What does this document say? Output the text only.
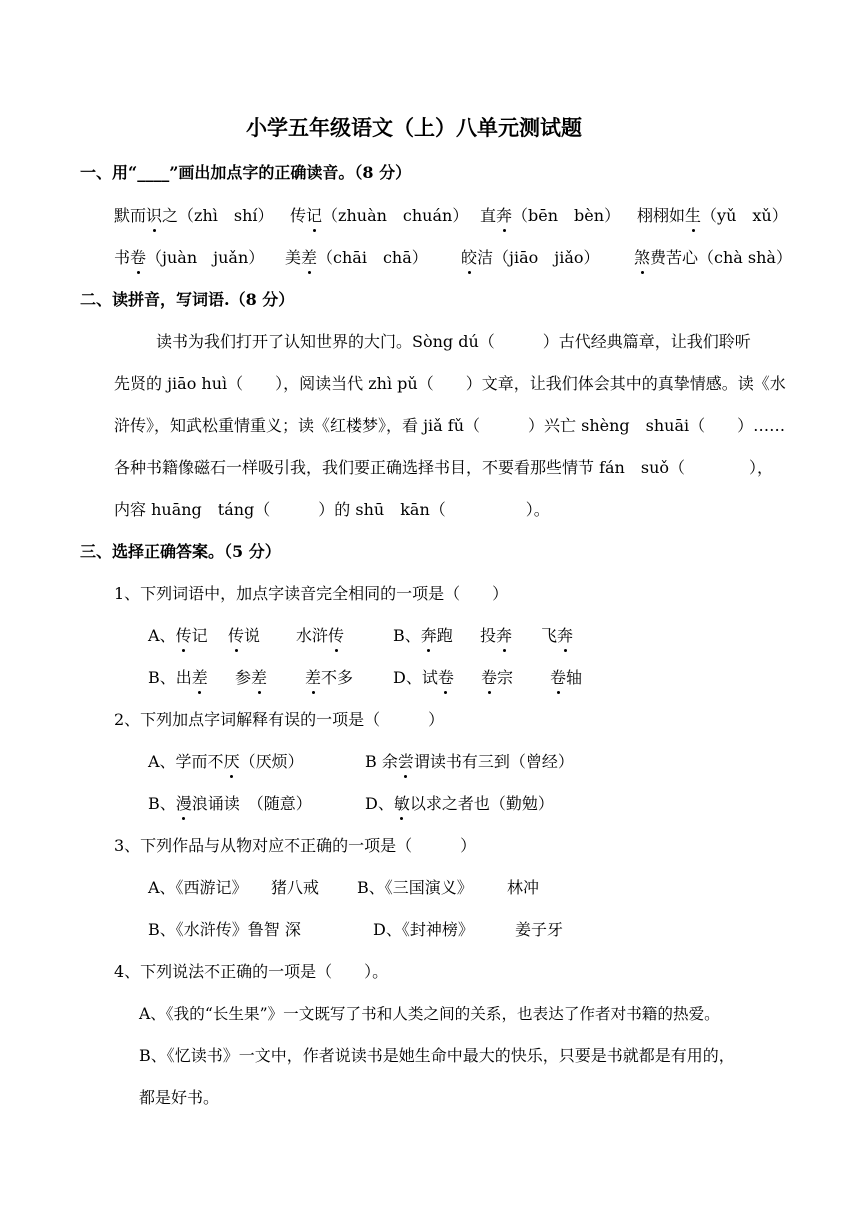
小学五年级语文（上）八单元测试题
一、用“____”画出加点字的正确读音。（8 分）
默而识之（zhì　shí） 传记（zhuàn　chuán） 直奔（bēn　bèn） 栩栩如生（yǔ　xǔ）
书卷（juàn　juǎn） 美差（chāi　chā） 皎洁（jiāo　jiǎo） 煞费苦心（chà shà）
二、读拼音，写词语.（8 分）
读书为我们打开了认知世界的大门。Sòng dú（　　　）古代经典篇章，让我们聆听
先贤的 jiāo huì（　　），阅读当代 zhì pǔ（　　）文章，让我们体会其中的真挚情感。读《水
浒传》，知武松重情重义；读《红楼梦》，看 jiǎ fǔ（　　　）兴亡 shèng　shuāi（　　）……
各种书籍像磁石一样吸引我，我们要正确选择书目，不要看那些情节 fán　suǒ（　　　　），
内容 huāng　táng（　　　）的 shū　kān（　　　　　）。
三、选择正确答案。（5 分）
1、下列词语中，加点字读音完全相同的一项是（　　）
A、传记 传说 水浒传	B、奔跑 投奔 飞奔
B、出差 参差 差不多 D、试卷 卷宗 卷轴
2、下列加点字词解释有误的一项是（　　　）
A、学而不厌（厌烦）	B 余尝谓读书有三到（曾经）
B、漫浪诵读　（随意）	D、敏以求之者也（勤勉）
3、下列作品与从物对应不正确的一项是（　　　）
A、《西游记》 猪八戒 B、《三国演义》 林冲
B、《水浒传》鲁智 深	D、《封神榜》	姜子牙
4、下列说法不正确的一项是（　　）。
A、《我的“长生果”》一文既写了书和人类之间的关系，也表达了作者对书籍的热爱。
B、《忆读书》一文中，作者说读书是她生命中最大的快乐，只要是书就都是有用的，
都是好书。
